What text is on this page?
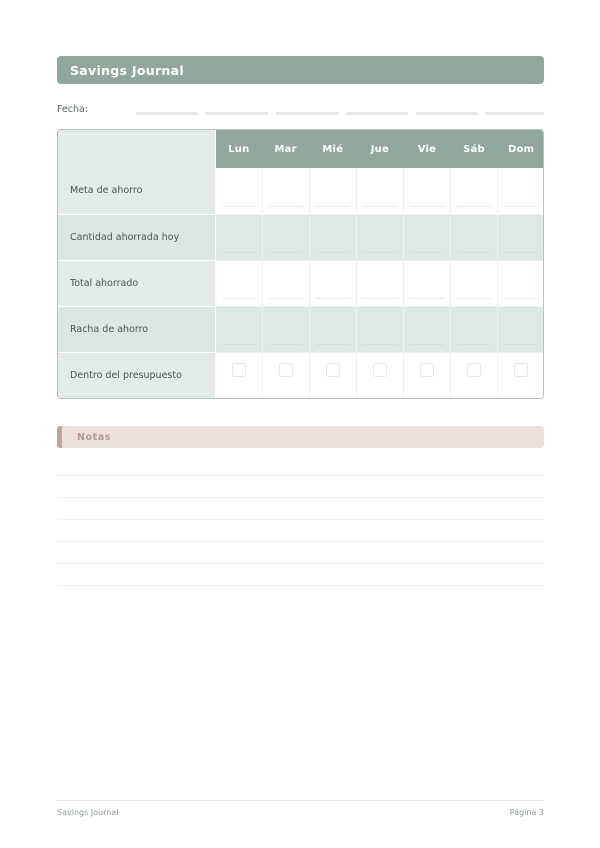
Savings Journal
Fecha:
	Lun	Mar	Mié	Jue	Vie	Sáb	Dom
Meta de ahorro	

Cantidad ahorrada hoy	

Total ahorrado	

Racha de ahorro	

Dentro del presupuesto							
Notas
Savings Journal	Página 3
